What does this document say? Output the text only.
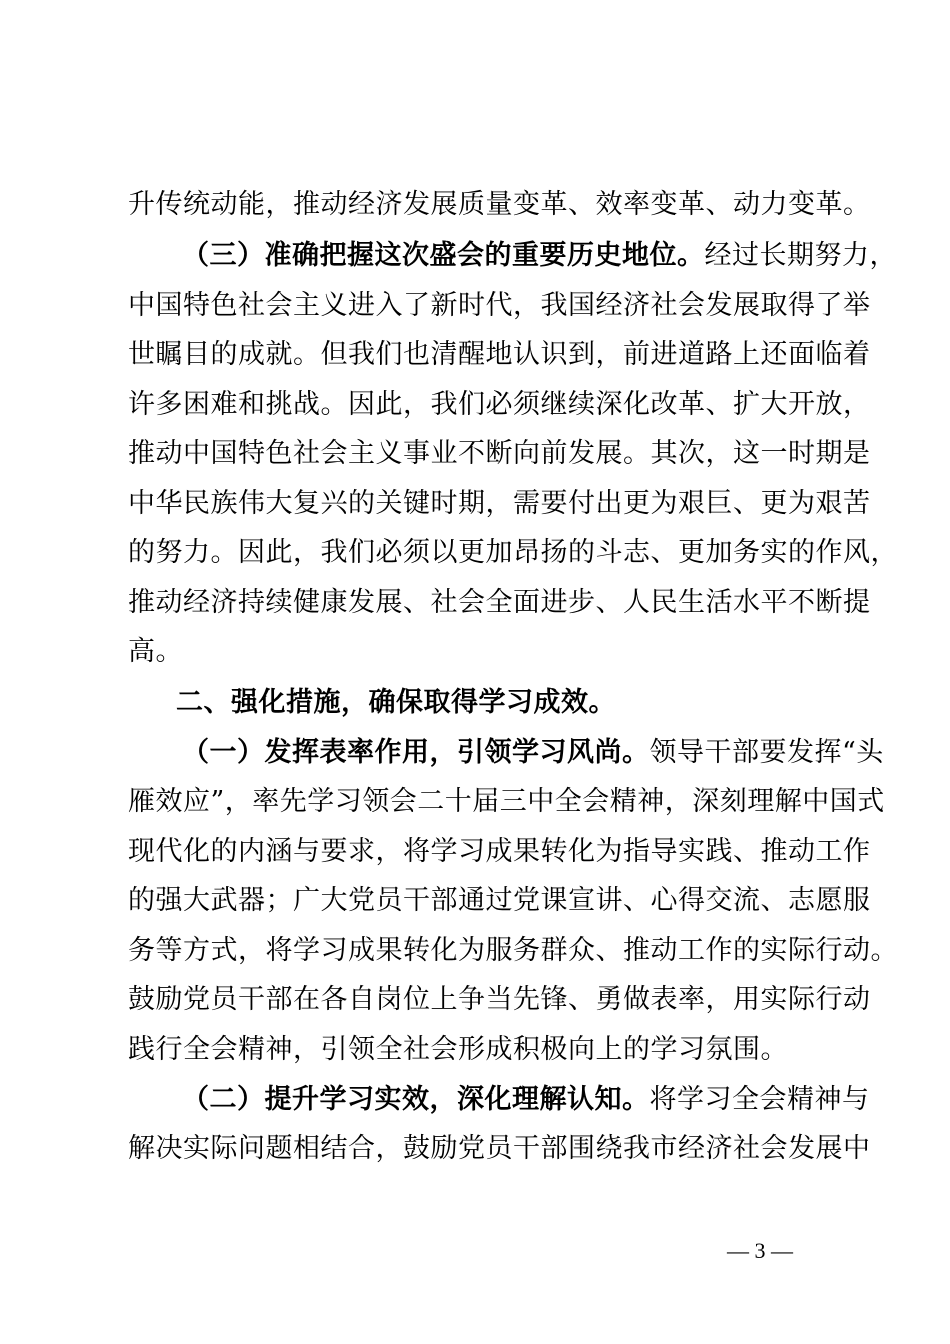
升传统动能，推动经济发展质量变革、效率变革、动力变革。
（三）准确把握这次盛会的重要历史地位。经过长期努力，
中国特色社会主义进入了新时代，我国经济社会发展取得了举
世瞩目的成就。但我们也清醒地认识到，前进道路上还面临着
许多困难和挑战。因此，我们必须继续深化改革、扩大开放，
推动中国特色社会主义事业不断向前发展。其次，这一时期是
中华民族伟大复兴的关键时期，需要付出更为艰巨、更为艰苦
的努力。因此，我们必须以更加昂扬的斗志、更加务实的作风，
推动经济持续健康发展、社会全面进步、人民生活水平不断提
高。
二、强化措施，确保取得学习成效。
（一）发挥表率作用，引领学习风尚。领导干部要发挥“头
雁效应”，率先学习领会二十届三中全会精神，深刻理解中国式
现代化的内涵与要求，将学习成果转化为指导实践、推动工作
的强大武器；广大党员干部通过党课宣讲、心得交流、志愿服
务等方式，将学习成果转化为服务群众、推动工作的实际行动。
鼓励党员干部在各自岗位上争当先锋、勇做表率，用实际行动
践行全会精神，引领全社会形成积极向上的学习氛围。
（二）提升学习实效，深化理解认知。将学习全会精神与
解决实际问题相结合，鼓励党员干部围绕我市经济社会发展中
— 3 —
